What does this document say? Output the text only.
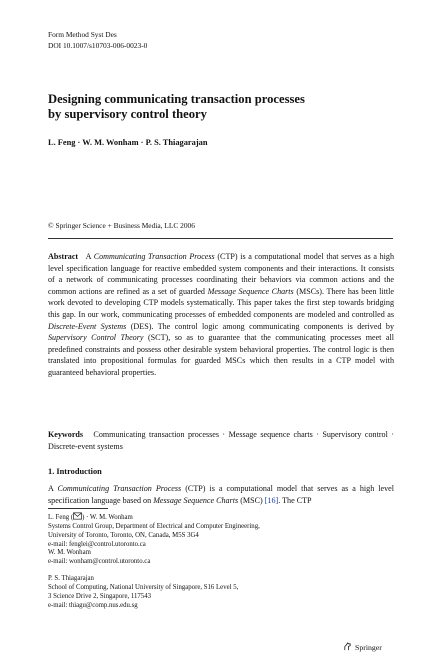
Form Method Syst Des
DOI 10.1007/s10703-006-0023-0
Designing communicating transaction processes
by supervisory control theory
L. Feng · W. M. Wonham · P. S. Thiagarajan
© Springer Science + Business Media, LLC 2006
Abstract A Communicating Transaction Process (CTP) is a computational model that serves as a high level specification language for reactive embedded system components and their interactions. It consists of a network of communicating processes coordinating their behaviors via common actions and the common actions are refined as a set of guarded Message Sequence Charts (MSCs). There has been little work devoted to developing CTP models systematically. This paper takes the first step towards bridging this gap. In our work, communicating processes of embedded components are modeled and controlled as Discrete-Event Systems (DES). The control logic among communicating components is derived by Supervisory Control Theory (SCT), so as to guarantee that the communicating processes meet all predefined constraints and possess other desirable system behavioral properties. The control logic is then translated into propositional formulas for guarded MSCs which then results in a CTP model with guaranteed behavioral properties.
Keywords Communicating transaction processes · Message sequence charts · Supervisory control · Discrete-event systems
1. Introduction
A Communicating Transaction Process (CTP) is a computational model that serves as a high level specification language based on Message Sequence Charts (MSC) [16]. The CTP
L. Feng ( ) · W. M. Wonham
Systems Control Group, Department of Electrical and Computer Engineering,
University of Toronto, Toronto, ON, Canada, M5S 3G4
e-mail: fenglei@control.utoronto.ca
W. M. Wonham
e-mail: wonham@control.utoronto.ca
P. S. Thiagarajan
School of Computing, National University of Singapore, S16 Level 5,
3 Science Drive 2, Singapore, 117543
e-mail: thiagu@comp.nus.edu.sg
Springer
